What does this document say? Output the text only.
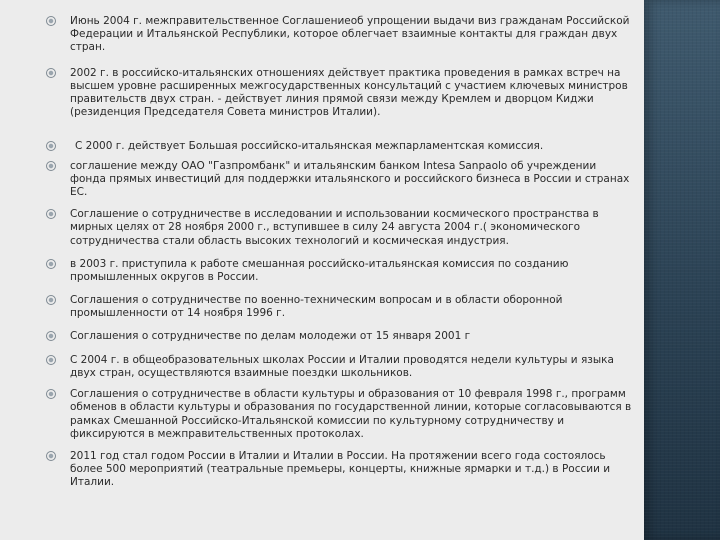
Июнь 2004 г. межправительственное Соглашениеоб упрощении выдачи виз гражданам Российской Федерации и Итальянской Республики, которое облегчает взаимные контакты для граждан двух стран.
2002 г. в российско-итальянских отношениях действует практика проведения в рамках встреч на высшем уровне расширенных межгосударственных консультаций с участием ключевых министров правительств двух стран. - действует линия прямой связи между Кремлем и дворцом Киджи (резиденция Председателя Совета министров Италии).
С 2000 г. действует Большая российско-итальянская межпарламентская комиссия.
соглашение между ОАО "Газпромбанк" и итальянским банком Intesa Sanpaolo об учреждении фонда прямых инвестиций для поддержки итальянского и российского бизнеса в России и странах ЕС.
Соглашение о сотрудничестве в исследовании и использовании космического пространства в мирных целях от 28 ноября 2000 г., вступившее в силу 24 августа 2004 г.( экономического сотрудничества стали область высоких технологий и космическая индустрия.
в 2003 г. приступила к работе смешанная российско-итальянская комиссия по созданию промышленных округов в России.
Соглашения о сотрудничестве по военно-техническим вопросам и в области оборонной промышленности от 14 ноября 1996 г.
Соглашения о сотрудничестве по делам молодежи от 15 января 2001 г
С 2004 г. в общеобразовательных школах России и Италии проводятся недели культуры и языка двух стран, осуществляются взаимные поездки школьников.
Соглашения о сотрудничестве в области культуры и образования от 10 февраля 1998 г., программ обменов в области культуры и образования по государственной линии, которые согласовываются в рамках Смешанной Российско-Итальянской комиссии по культурному сотрудничеству и фиксируются в межправительственных протоколах.
2011 год стал годом России в Италии и Италии в России. На протяжении всего года состоялось более 500 мероприятий (театральные премьеры, концерты, книжные ярмарки и т.д.) в России и Италии.
